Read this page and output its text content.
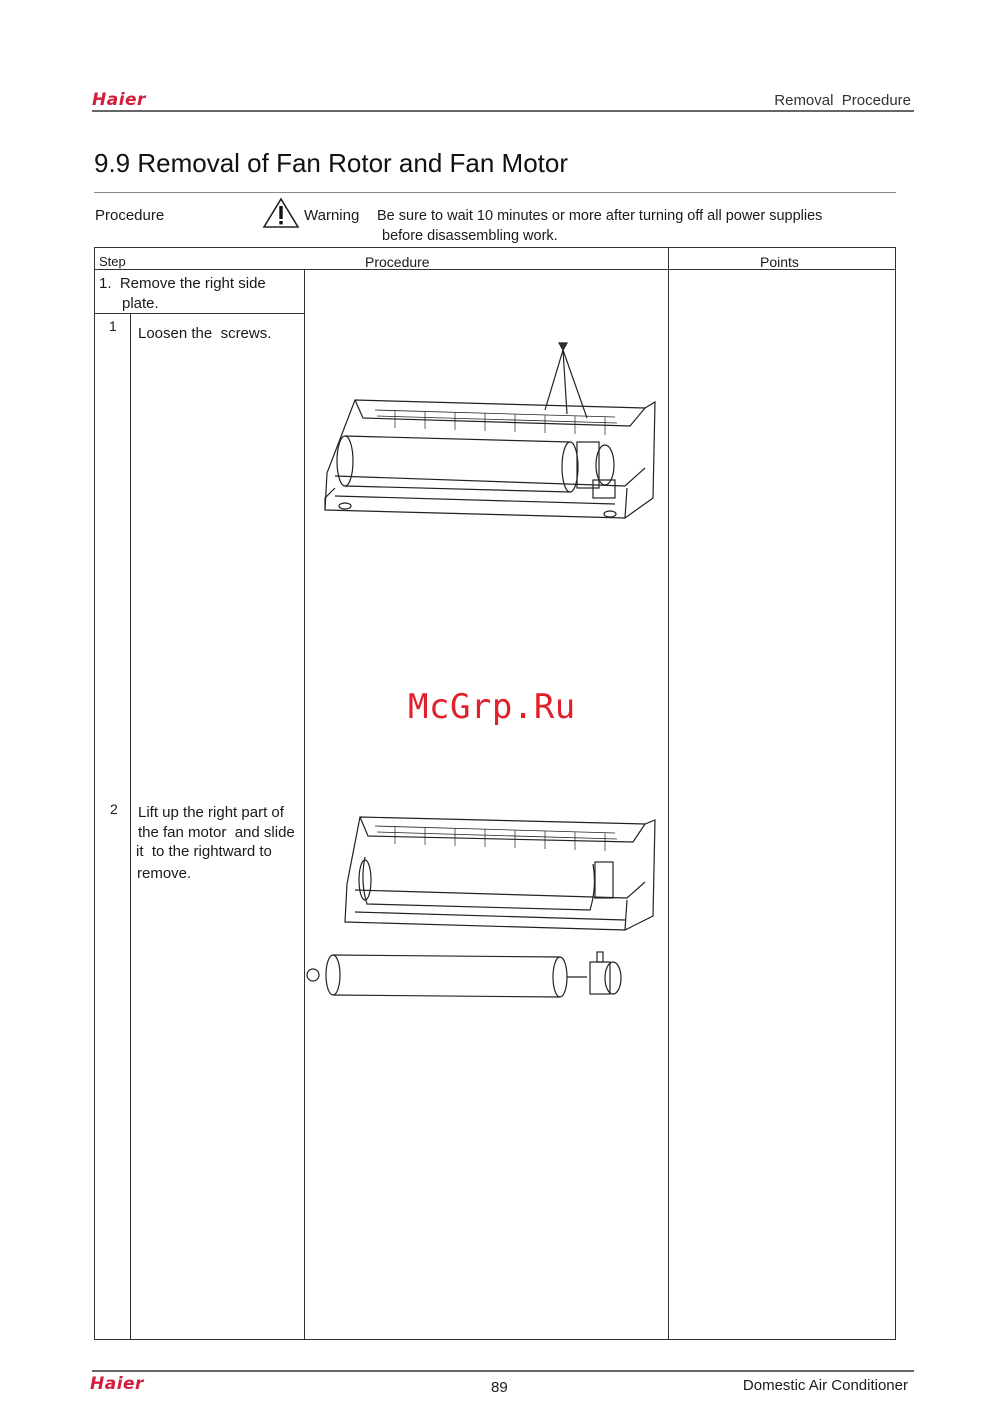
Haier	Removal  Procedure
9.9 Removal of Fan Rotor and Fan Motor
Procedure	Warning Be sure to wait 10 minutes or more after turning off all power supplies
before disassembling work.
Step	Procedure	Points
1.  Remove the right side
plate.
1 Loosen the  screws.
2 Lift up the right part of
the fan motor  and slide
it  to the rightward to
remove.
McGrp.Ru
Haier	89	Domestic Air Conditioner
